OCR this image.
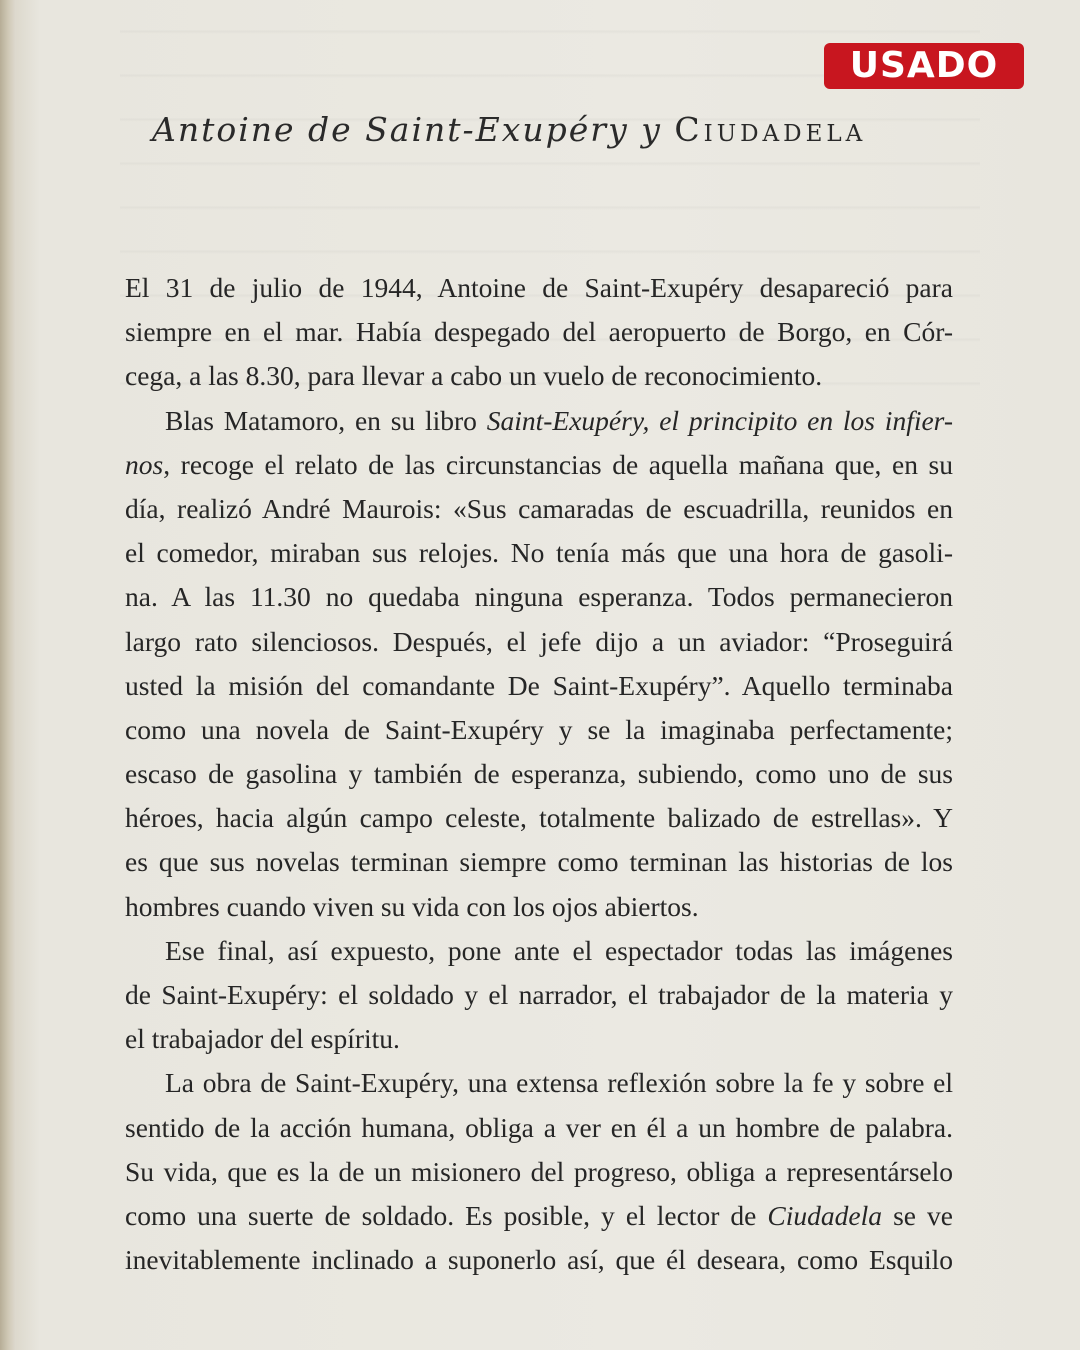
USADO
Antoine de Saint-Exupéry y Ciudadela
El 31 de julio de 1944, Antoine de Saint-Exupéry desapareció para
siempre en el mar. Había despegado del aeropuerto de Borgo, en Cór-
cega, a las 8.30, para llevar a cabo un vuelo de reconocimiento.
Blas Matamoro, en su libro Saint-Exupéry, el principito en los infier-
nos, recoge el relato de las circunstancias de aquella mañana que, en su
día, realizó André Maurois: «Sus camaradas de escuadrilla, reunidos en
el comedor, miraban sus relojes. No tenía más que una hora de gasoli-
na. A las 11.30 no quedaba ninguna esperanza. Todos permanecieron
largo rato silenciosos. Después, el jefe dijo a un aviador: “Proseguirá
usted la misión del comandante De Saint-Exupéry”. Aquello terminaba
como una novela de Saint-Exupéry y se la imaginaba perfectamente;
escaso de gasolina y también de esperanza, subiendo, como uno de sus
héroes, hacia algún campo celeste, totalmente balizado de estrellas». Y
es que sus novelas terminan siempre como terminan las historias de los
hombres cuando viven su vida con los ojos abiertos.
Ese final, así expuesto, pone ante el espectador todas las imágenes
de Saint-Exupéry: el soldado y el narrador, el trabajador de la materia y
el trabajador del espíritu.
La obra de Saint-Exupéry, una extensa reflexión sobre la fe y sobre el
sentido de la acción humana, obliga a ver en él a un hombre de palabra.
Su vida, que es la de un misionero del progreso, obliga a representárselo
como una suerte de soldado. Es posible, y el lector de Ciudadela se ve
inevitablemente inclinado a suponerlo así, que él deseara, como Esquilo
